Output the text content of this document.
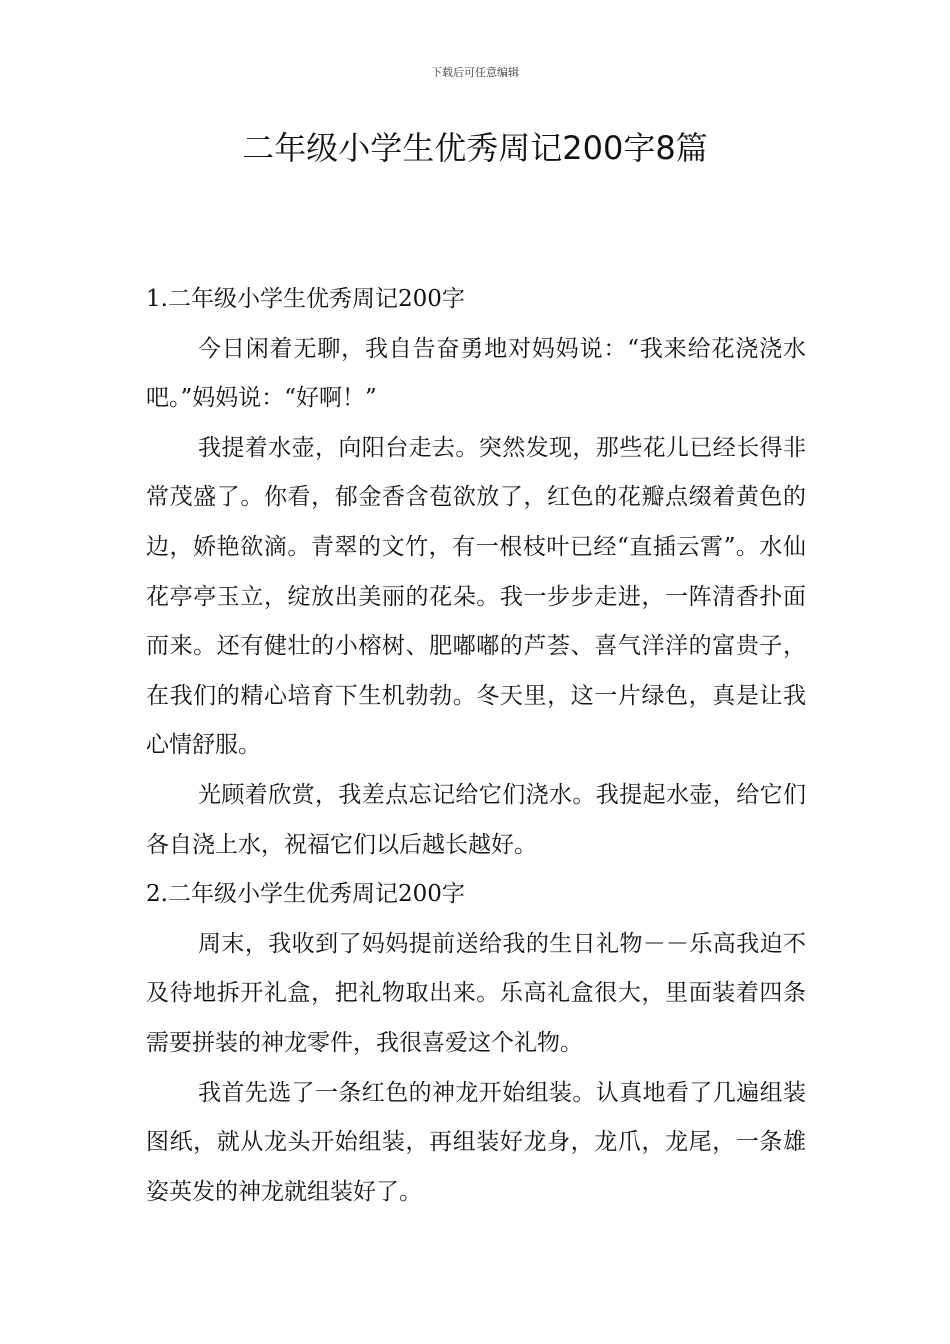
下载后可任意编辑
二年级小学生优秀周记200字8篇

1.二年级小学生优秀周记200字

今日闲着无聊，我自告奋勇地对妈妈说：“我来给花浇浇水吧。”妈妈说：“好啊！”

我提着水壶，向阳台走去。突然发现，那些花儿已经长得非常茂盛了。你看，郁金香含苞欲放了，红色的花瓣点缀着黄色的边，娇艳欲滴。青翠的文竹，有一根枝叶已经“直插云霄”。水仙花亭亭玉立，绽放出美丽的花朵。我一步步走进，一阵清香扑面而来。还有健壮的小榕树、肥嘟嘟的芦荟、喜气洋洋的富贵子，在我们的精心培育下生机勃勃。冬天里，这一片绿色，真是让我心情舒服。

光顾着欣赏，我差点忘记给它们浇水。我提起水壶，给它们各自浇上水，祝福它们以后越长越好。

2.二年级小学生优秀周记200字

周末，我收到了妈妈提前送给我的生日礼物－－乐高我迫不及待地拆开礼盒，把礼物取出来。乐高礼盒很大，里面装着四条需要拼装的神龙零件，我很喜爱这个礼物。

我首先选了一条红色的神龙开始组装。认真地看了几遍组装图纸，就从龙头开始组装，再组装好龙身，龙爪，龙尾，一条雄姿英发的神龙就组装好了。
